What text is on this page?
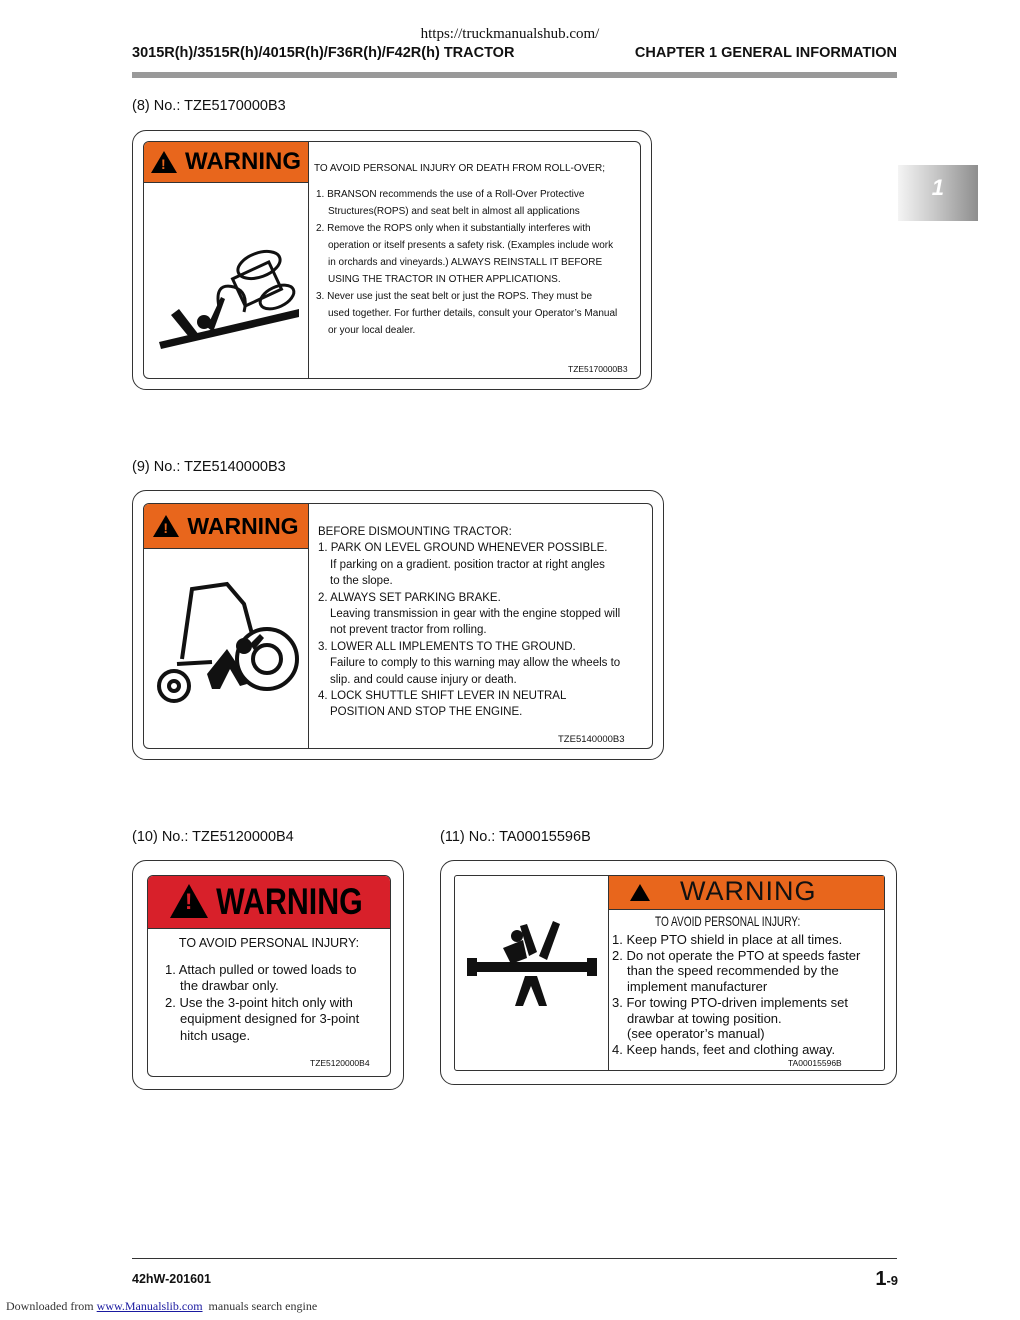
https://truckmanualshub.com/
3015R(h)/3515R(h)/4015R(h)/F36R(h)/F42R(h) TRACTOR	CHAPTER 1 GENERAL INFORMATION
1
(8) No.: TZE5170000B3
!
WARNING TO AVOID PERSONAL INJURY OR DEATH FROM ROLL-OVER;

1. BRANSON recommends the use of a Roll-Over Protective

Structures(ROPS) and seat belt in almost all applications

2. Remove the ROPS only when it substantially interferes with

operation or itself presents a safety risk. (Examples include work

in orchards and vineyards.) ALWAYS REINSTALL IT BEFORE

USING THE TRACTOR IN OTHER APPLICATIONS.

3. Never use just the seat belt or just the ROPS. They must be

used together. For further details, consult your Operator’s Manual

or your local dealer.

TZE5170000B3
(9) No.: TZE5140000B3
!
WARNING BEFORE DISMOUNTING TRACTOR:

1. PARK ON LEVEL GROUND WHENEVER POSSIBLE.

If parking on a gradient. position tractor at right angles

to the slope.

2. ALWAYS SET PARKING BRAKE.

Leaving transmission in gear with the engine stopped will

not prevent tractor from rolling.

3. LOWER ALL IMPLEMENTS TO THE GROUND.

Failure to comply to this warning may allow the wheels to

slip. and could cause injury or death.

4. LOCK SHUTTLE SHIFT LEVER IN NEUTRAL

POSITION AND STOP THE ENGINE.

TZE5140000B3
(10) No.: TZE5120000B4
! WARNING
TO AVOID PERSONAL INJURY:

1. Attach pulled or towed loads to

the drawbar only.

2. Use the 3-point hitch only with

equipment designed for 3-point

hitch usage.

TZE5120000B4
(11) No.: TA00015596B
WARNING
TO AVOID PERSONAL INJURY:

1. Keep PTO shield in place at all times.

2. Do not operate the PTO at speeds faster

than the speed recommended by the

implement manufacturer

3. For towing PTO-driven implements set

drawbar at towing position.

(see operator’s manual)

4. Keep hands, feet and clothing away.

TA00015596B
42hW-201601	1-9
Downloaded from www.Manualslib.com manuals search engine
